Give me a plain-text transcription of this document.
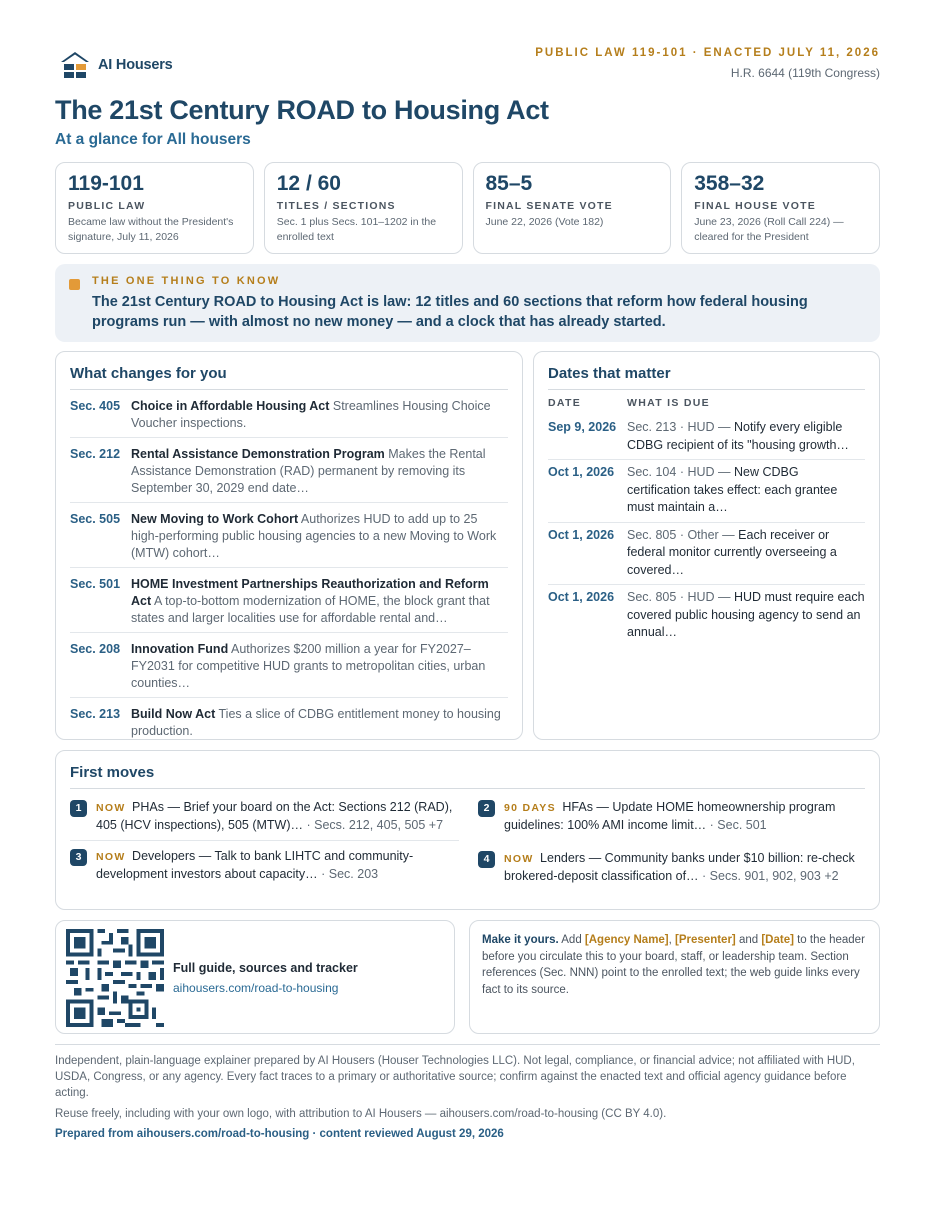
AI Housers
PUBLIC LAW 119-101 · ENACTED JULY 11, 2026
H.R. 6644 (119th Congress)
The 21st Century ROAD to Housing Act
At a glance for All housers
119-101
PUBLIC LAW
Became law without the President's signature, July 11, 2026
12 / 60
TITLES / SECTIONS
Sec. 1 plus Secs. 101–1202 in the enrolled text
85–5
FINAL SENATE VOTE
June 22, 2026 (Vote 182)
358–32
FINAL HOUSE VOTE
June 23, 2026 (Roll Call 224) — cleared for the President
THE ONE THING TO KNOW
The 21st Century ROAD to Housing Act is law: 12 titles and 60 sections that reform how federal housing programs run — with almost no new money — and a clock that has already started.
What changes for you
Sec. 405 Choice in Affordable Housing Act Streamlines Housing Choice Voucher inspections.
Sec. 212 Rental Assistance Demonstration Program Makes the Rental Assistance Demonstration (RAD) permanent by removing its September 30, 2029 end date…
Sec. 505 New Moving to Work Cohort Authorizes HUD to add up to 25 high-performing public housing agencies to a new Moving to Work (MTW) cohort…
Sec. 501 HOME Investment Partnerships Reauthorization and Reform Act A top-to-bottom modernization of HOME, the block grant that states and larger localities use for affordable rental and…
Sec. 208 Innovation Fund Authorizes $200 million a year for FY2027–FY2031 for competitive HUD grants to metropolitan cities, urban counties…
Sec. 213 Build Now Act Ties a slice of CDBG entitlement money to housing production.
Dates that matter
DATE	WHAT IS DUE
Sep 9, 2026 Sec. 213 · HUD — Notify every eligible CDBG recipient of its "housing growth…
Oct 1, 2026	Sec. 104 · HUD — New CDBG certification takes effect: each grantee must maintain a…
Oct 1, 2026	Sec. 805 · Other — Each receiver or federal monitor currently overseeing a covered…
Oct 1, 2026	Sec. 805 · HUD — HUD must require each covered public housing agency to send an annual…
First moves
1	NOW PHAs — Brief your board on the Act: Sections 212 (RAD), 405 (HCV inspections), 505 (MTW)… · Secs. 212, 405, 505 +7
2	90 DAYS HFAs — Update HOME homeownership program guidelines: 100% AMI income limit… · Sec. 501
3	NOW Developers — Talk to bank LIHTC and community-development investors about capacity… · Sec. 203
4	NOW Lenders — Community banks under $10 billion: re-check brokered-deposit classification of… · Secs. 901, 902, 903 +2
Full guide, sources and tracker
aihousers.com/road-to-housing

Make it yours. Add [Agency Name], [Presenter] and [Date] to the header before you circulate this to your board, staff, or leadership team. Section references (Sec. NNN) point to the enrolled text; the web guide links every fact to its source.

Independent, plain-language explainer prepared by AI Housers (Houser Technologies LLC). Not legal, compliance, or financial advice; not affiliated with HUD, USDA, Congress, or any agency. Every fact traces to a primary or authoritative source; confirm against the enacted text and official agency guidance before acting.

Reuse freely, including with your own logo, with attribution to AI Housers — aihousers.com/road-to-housing (CC BY 4.0).

Prepared from aihousers.com/road-to-housing · content reviewed August 29, 2026
